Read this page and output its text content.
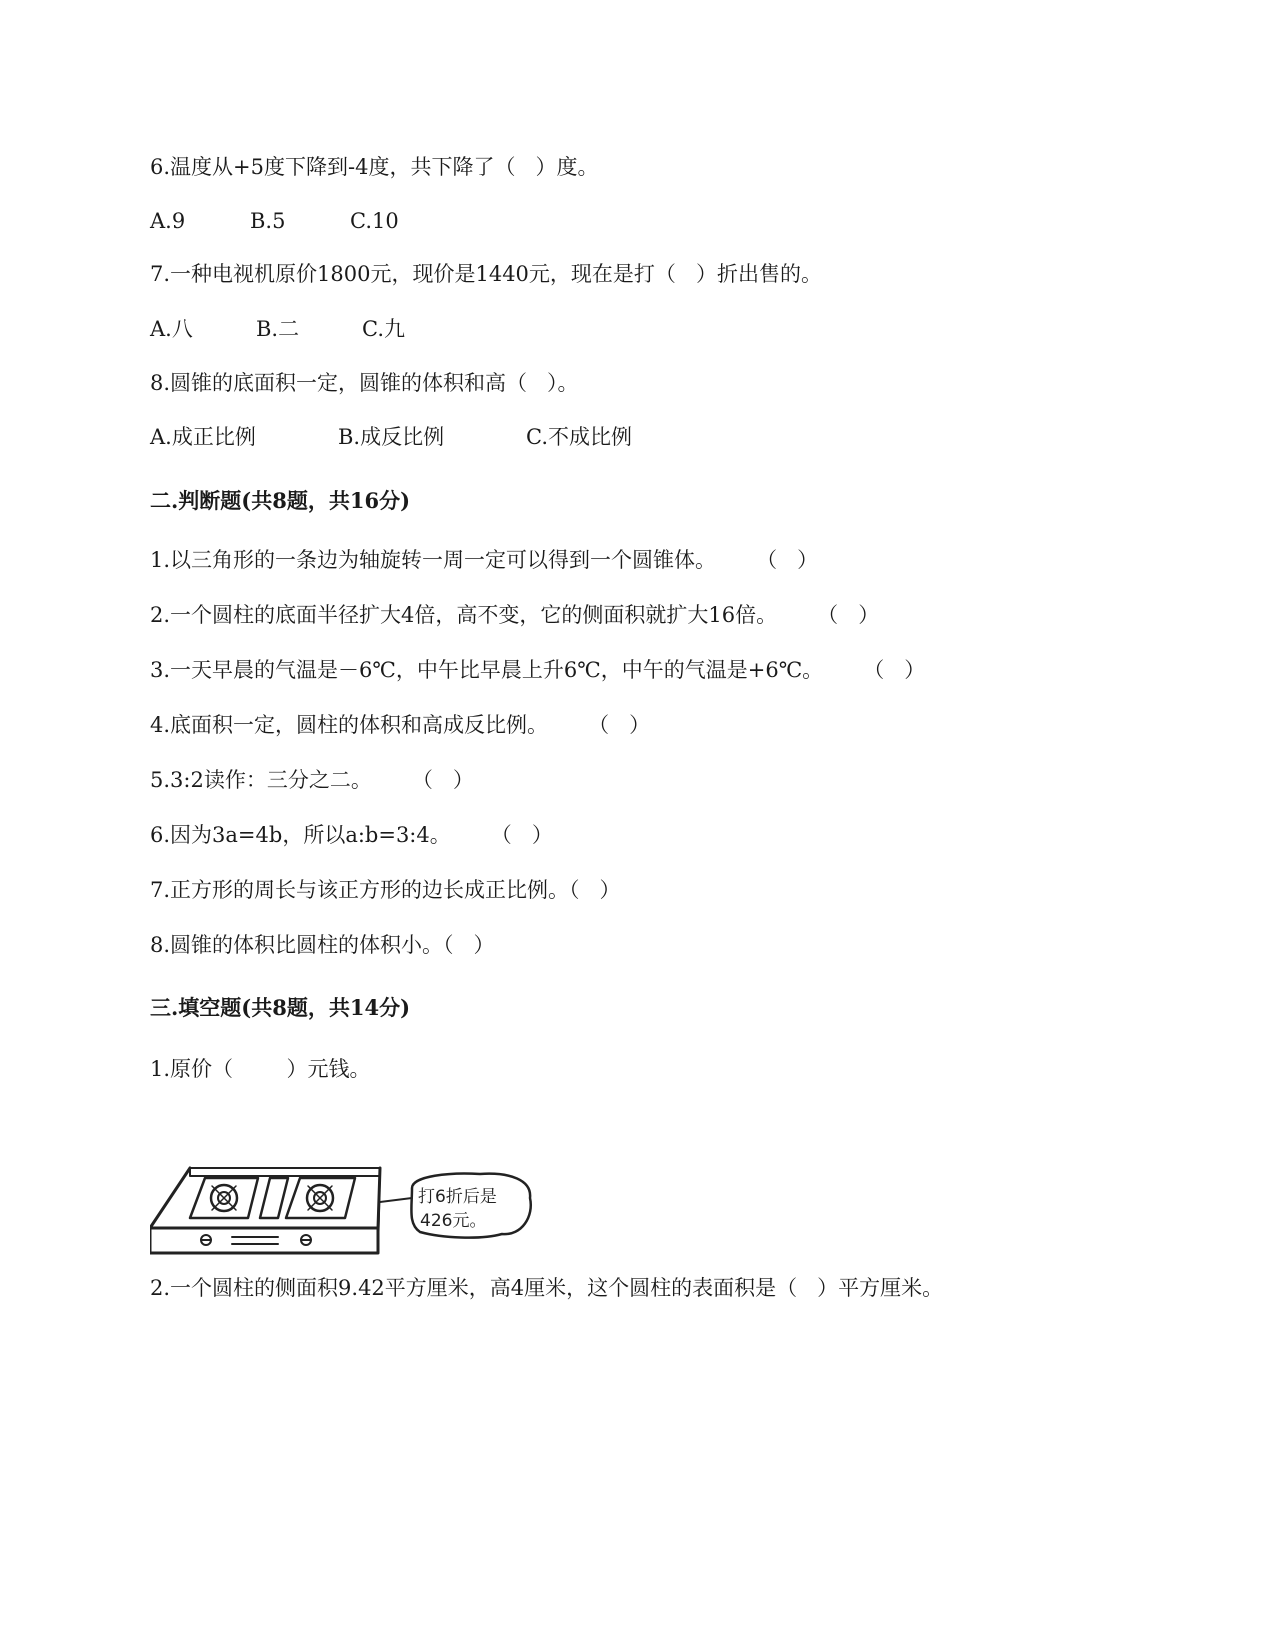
6.温度从+5度下降到-4度，共下降了（   ）度。
A.9	B.5	C.10
7.一种电视机原价1800元，现价是1440元，现在是打（   ）折出售的。
A.八	B.二	C.九
8.圆锥的底面积一定，圆锥的体积和高（   ）。
A.成正比例	B.成反比例	C.不成比例
二.判断题(共8题，共16分)
1.以三角形的一条边为轴旋转一周一定可以得到一个圆锥体。      （   ）
2.一个圆柱的底面半径扩大4倍，高不变，它的侧面积就扩大16倍。      （   ）
3.一天早晨的气温是－6℃，中午比早晨上升6℃，中午的气温是+6℃。      （   ）
4.底面积一定，圆柱的体积和高成反比例。      （   ）
5.3:2读作：三分之二。      （   ）
6.因为3a=4b，所以a:b=3:4。      （   ）
7.正方形的周长与该正方形的边长成正比例。（   ）
8.圆锥的体积比圆柱的体积小。（   ）
三.填空题(共8题，共14分)
1.原价（        ）元钱。
打6折后是
426元。
2.一个圆柱的侧面积9.42平方厘米，高4厘米，这个圆柱的表面积是（   ）平方厘米。
